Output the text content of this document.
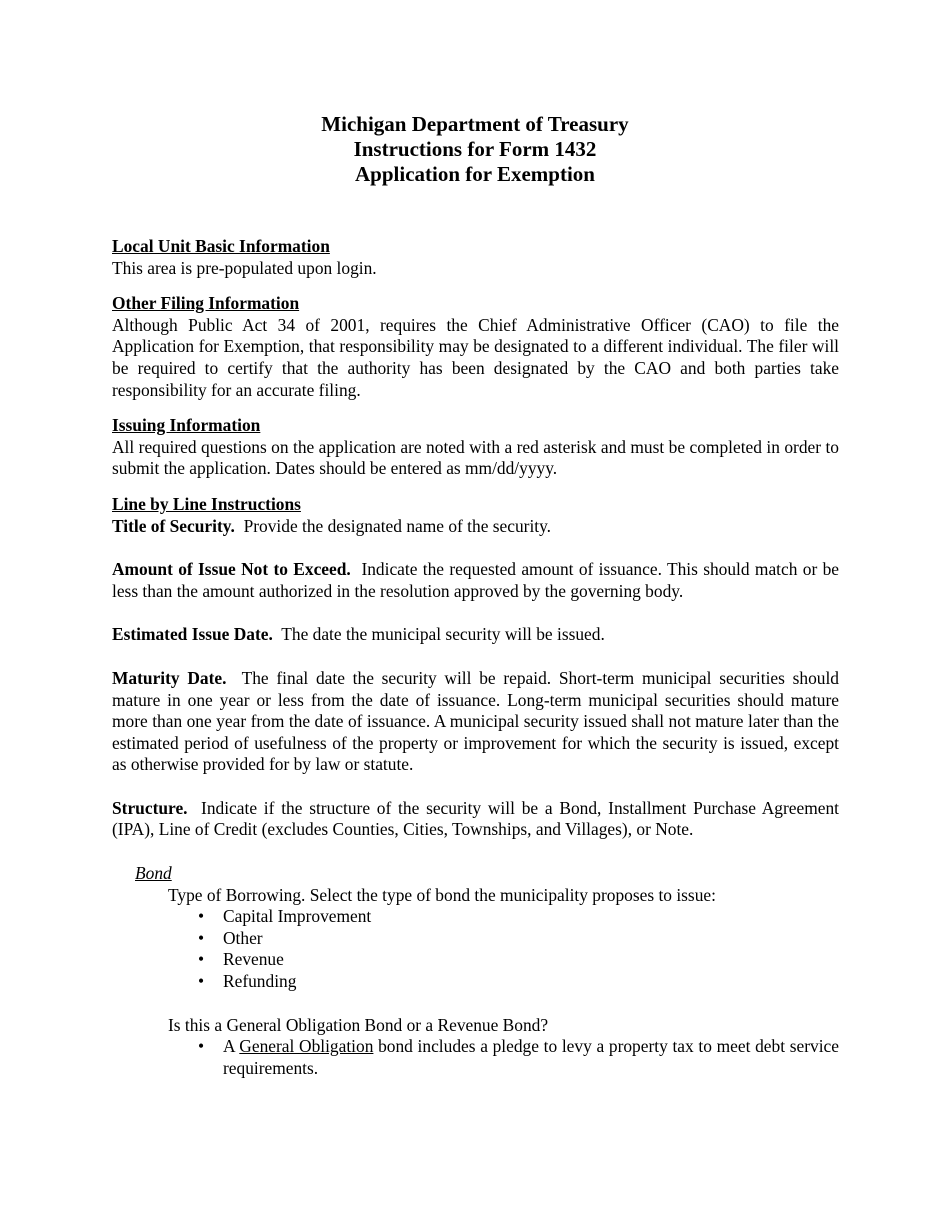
Michigan Department of Treasury
Instructions for Form 1432
Application for Exemption
Local Unit Basic Information

This area is pre-populated upon login.

Other Filing Information

Although Public Act 34 of 2001, requires the Chief Administrative Officer (CAO) to file the Application for Exemption, that responsibility may be designated to a different individual. The filer will be required to certify that the authority has been designated by the CAO and both parties take responsibility for an accurate filing.

Issuing Information

All required questions on the application are noted with a red asterisk and must be completed in order to submit the application. Dates should be entered as mm/dd/yyyy.

Line by Line Instructions

Title of Security. Provide the designated name of the security.

Amount of Issue Not to Exceed. Indicate the requested amount of issuance. This should match or be less than the amount authorized in the resolution approved by the governing body.

Estimated Issue Date. The date the municipal security will be issued.

Maturity Date. The final date the security will be repaid. Short-term municipal securities should mature in one year or less from the date of issuance. Long-term municipal securities should mature more than one year from the date of issuance. A municipal security issued shall not mature later than the estimated period of usefulness of the property or improvement for which the security is issued, except as otherwise provided for by law or statute.

Structure. Indicate if the structure of the security will be a Bond, Installment Purchase Agreement (IPA), Line of Credit (excludes Counties, Cities, Townships, and Villages), or Note.

Bond

Type of Borrowing. Select the type of bond the municipality proposes to issue:

• Capital Improvement
• Other
• Revenue
• Refunding

Is this a General Obligation Bond or a Revenue Bond?

• A General Obligation bond includes a pledge to levy a property tax to meet debt service requirements.
